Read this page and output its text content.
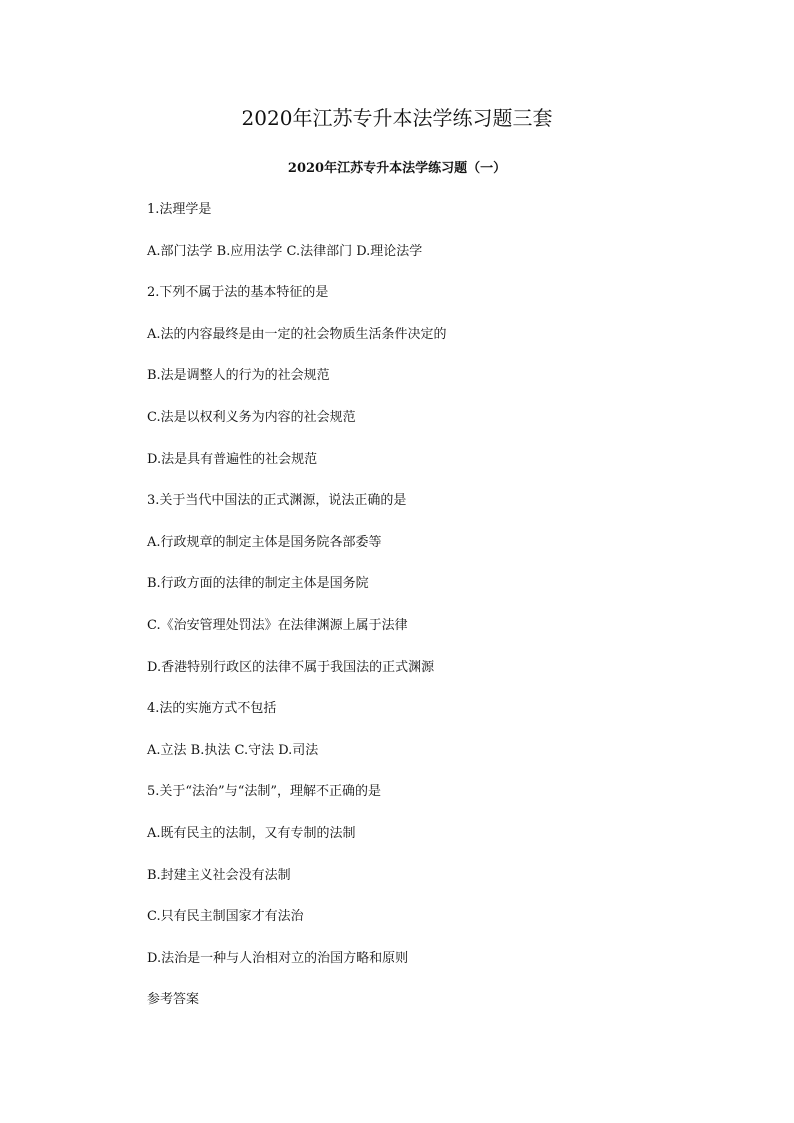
2020年江苏专升本法学练习题三套
2020年江苏专升本法学练习题（一）
1.法理学是
A.部门法学 B.应用法学 C.法律部门 D.理论法学
2.下列不属于法的基本特征的是
A.法的内容最终是由一定的社会物质生活条件决定的
B.法是调整人的行为的社会规范
C.法是以权利义务为内容的社会规范
D.法是具有普遍性的社会规范
3.关于当代中国法的正式渊源，说法正确的是
A.行政规章的制定主体是国务院各部委等
B.行政方面的法律的制定主体是国务院
C.《治安管理处罚法》在法律渊源上属于法律
D.香港特别行政区的法律不属于我国法的正式渊源
4.法的实施方式不包括
A.立法 B.执法 C.守法 D.司法
5.关于“法治”与“法制”，理解不正确的是
A.既有民主的法制，又有专制的法制
B.封建主义社会没有法制
C.只有民主制国家才有法治
D.法治是一种与人治相对立的治国方略和原则
参考答案
